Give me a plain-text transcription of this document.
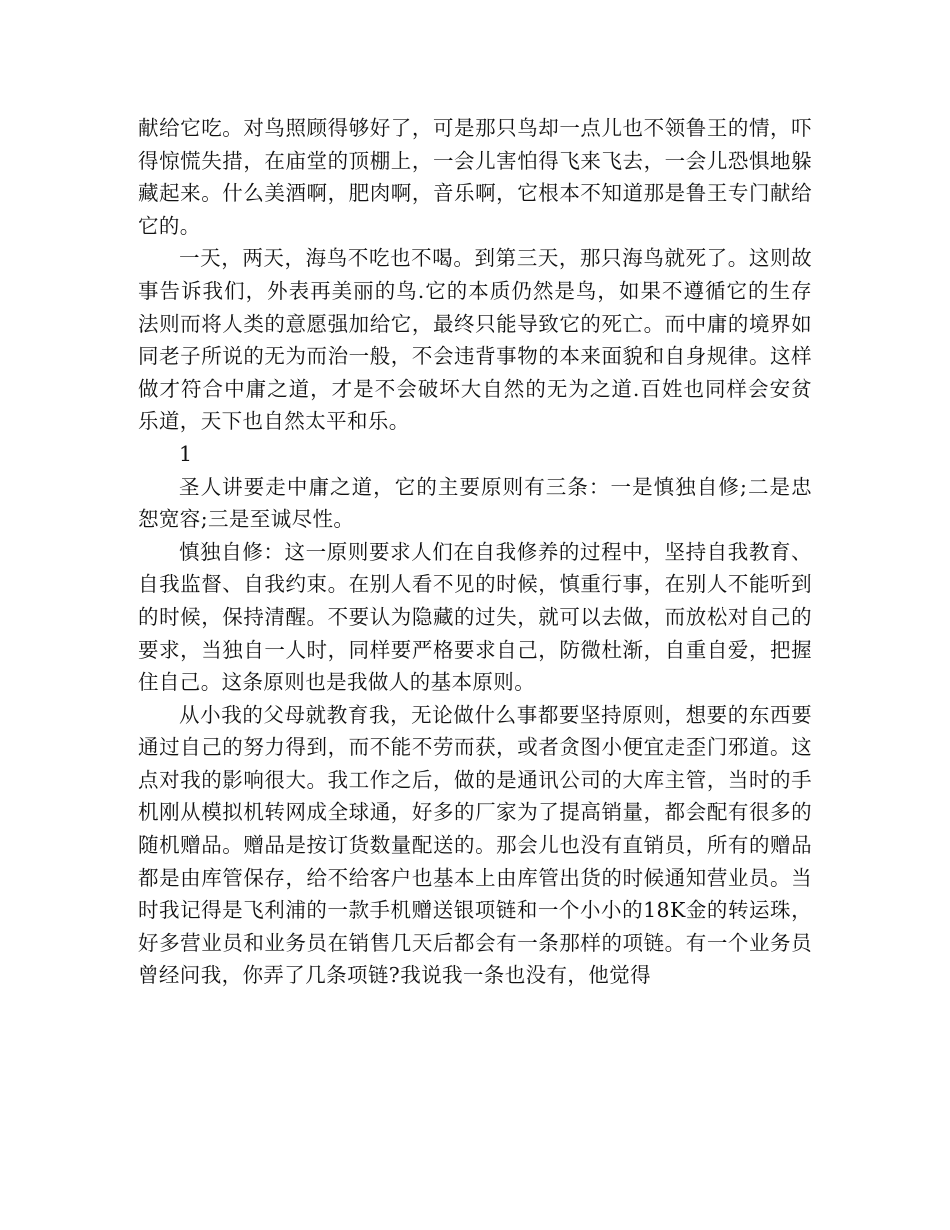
献给它吃。对鸟照顾得够好了，可是那只鸟却一点儿也不领鲁王的情，吓得惊慌失措，在庙堂的顶棚上，一会儿害怕得飞来飞去，一会儿恐惧地躲藏起来。什么美酒啊，肥肉啊，音乐啊，它根本不知道那是鲁王专门献给它的。

一天，两天，海鸟不吃也不喝。到第三天，那只海鸟就死了。这则故事告诉我们，外表再美丽的鸟.它的本质仍然是鸟，如果不遵循它的生存法则而将人类的意愿强加给它，最终只能导致它的死亡。而中庸的境界如同老子所说的无为而治一般，不会违背事物的本来面貌和自身规律。这样做才符合中庸之道，才是不会破坏大自然的无为之道.百姓也同样会安贫乐道，天下也自然太平和乐。

1

圣人讲要走中庸之道，它的主要原则有三条：一是慎独自修;二是忠恕宽容;三是至诚尽性。

慎独自修：这一原则要求人们在自我修养的过程中，坚持自我教育、自我监督、自我约束。在别人看不见的时候，慎重行事，在别人不能听到的时候，保持清醒。不要认为隐藏的过失，就可以去做，而放松对自己的要求，当独自一人时，同样要严格要求自己，防微杜渐，自重自爱，把握住自己。这条原则也是我做人的基本原则。

从小我的父母就教育我，无论做什么事都要坚持原则，想要的东西要通过自己的努力得到，而不能不劳而获，或者贪图小便宜走歪门邪道。这点对我的影响很大。我工作之后，做的是通讯公司的大库主管，当时的手机刚从模拟机转网成全球通，好多的厂家为了提高销量，都会配有很多的随机赠品。赠品是按订货数量配送的。那会儿也没有直销员，所有的赠品都是由库管保存，给不给客户也基本上由库管出货的时候通知营业员。当时我记得是飞利浦的一款手机赠送银项链和一个小小的18K金的转运珠，好多营业员和业务员在销售几天后都会有一条那样的项链。有一个业务员曾经问我，你弄了几条项链?我说我一条也没有，他觉得
